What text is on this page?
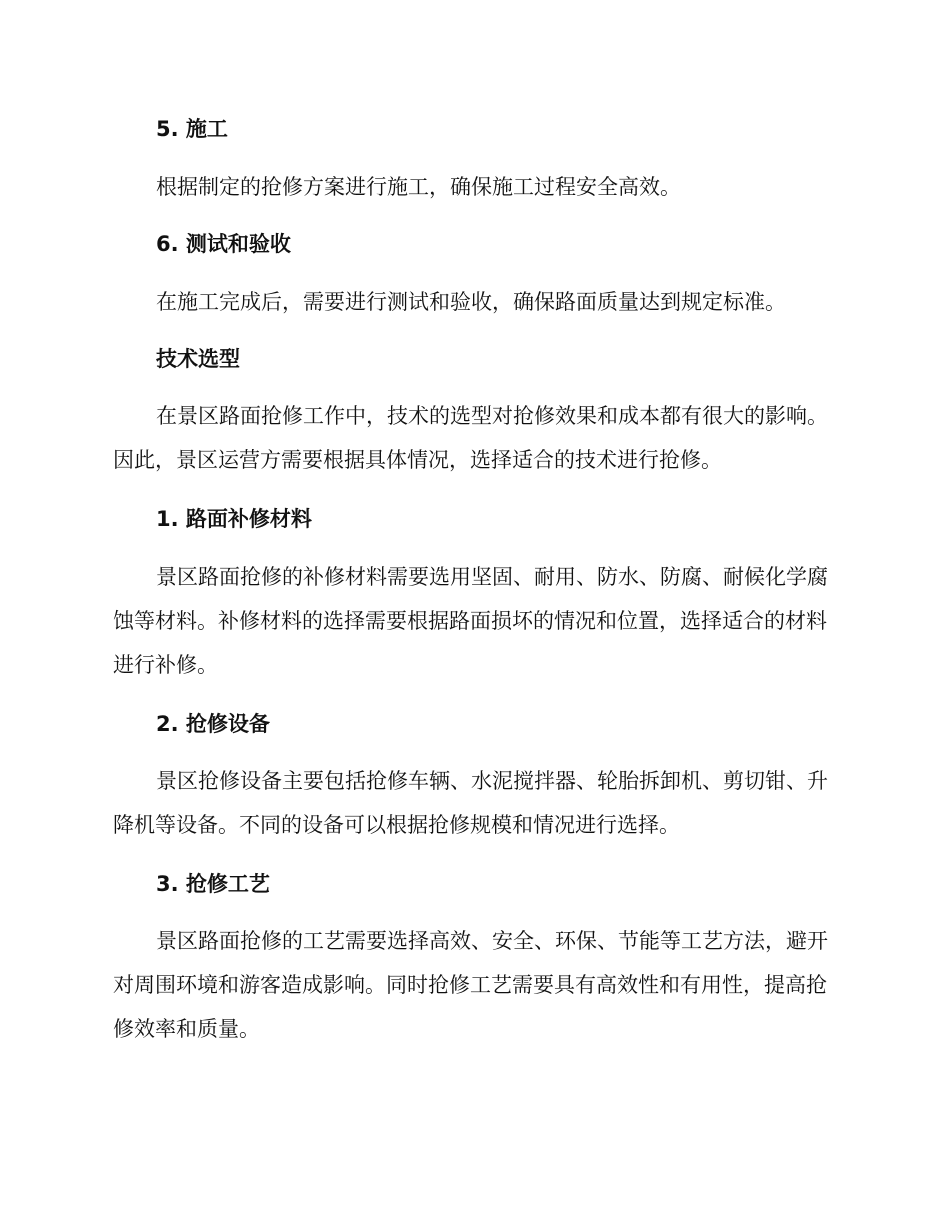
5. 施工

根据制定的抢修方案进行施工，确保施工过程安全高效。

6. 测试和验收

在施工完成后，需要进行测试和验收，确保路面质量达到规定标准。

技术选型

在景区路面抢修工作中，技术的选型对抢修效果和成本都有很大的影响。因此，景区运营方需要根据具体情况，选择适合的技术进行抢修。

1. 路面补修材料

景区路面抢修的补修材料需要选用坚固、耐用、防水、防腐、耐候化学腐蚀等材料。补修材料的选择需要根据路面损坏的情况和位置，选择适合的材料进行补修。

2. 抢修设备

景区抢修设备主要包括抢修车辆、水泥搅拌器、轮胎拆卸机、剪切钳、升降机等设备。不同的设备可以根据抢修规模和情况进行选择。

3. 抢修工艺

景区路面抢修的工艺需要选择高效、安全、环保、节能等工艺方法，避开对周围环境和游客造成影响。同时抢修工艺需要具有高效性和有用性，提高抢修效率和质量。
